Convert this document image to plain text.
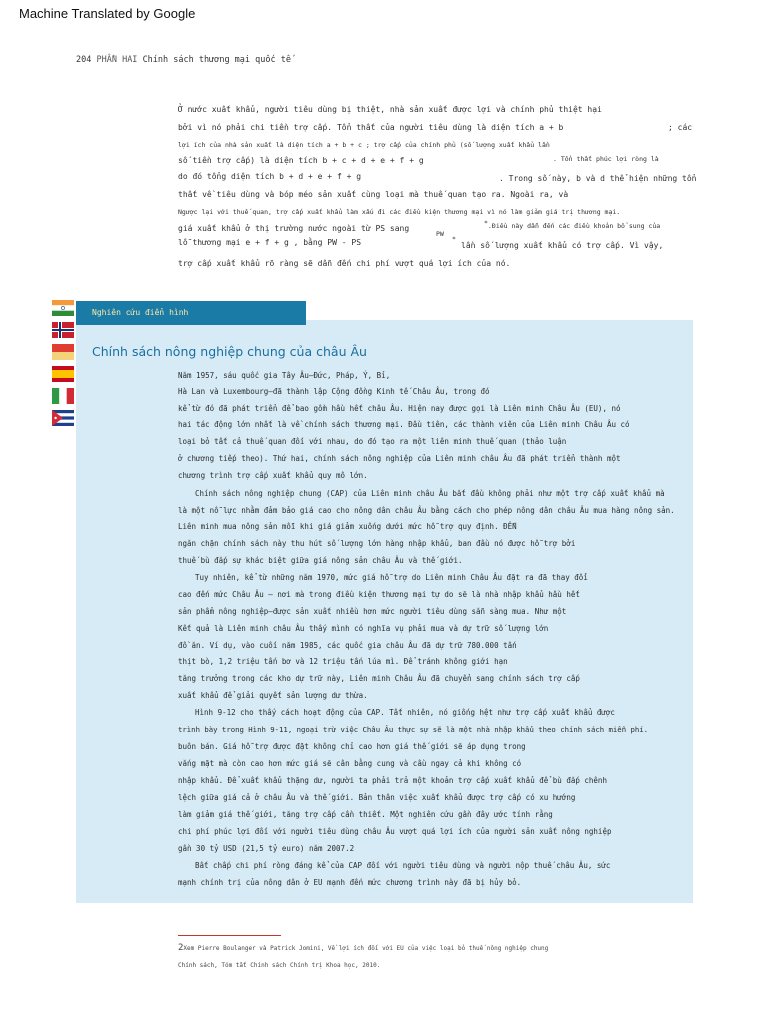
Machine Translated by Google
204 PHẦN HAI Chính sách thương mại quốc tế
Ở nước xuất khẩu, người tiêu dùng bị thiệt, nhà sản xuất được lợi và chính phủ thiệt hại
bởi vì nó phải chi tiền trợ cấp. Tổn thất của người tiêu dùng là diện tích a + b	; các
lợi ích của nhà sản xuất là diện tích a + b + c ; trợ cấp của chính phủ (số lượng xuất khẩu lần
số tiền trợ cấp) là diện tích b + c + d + e + f + g	. Tổn thất phúc lợi ròng là
do đó tổng diện tích b + d + e + f + g	. Trong số này, b và d thể hiện những tổn
thất về tiêu dùng và bóp méo sản xuất cùng loại mà thuế quan tạo ra. Ngoài ra, và
Ngược lại với thuế quan, trợ cấp xuất khẩu làm xấu đi các điều kiện thương mại vì nó làm giảm giá trị thương mại.
giá xuất khẩu ở thị trường nước ngoài từ PS sang
PW
* .Điều này dẫn đến các điều khoản bổ sung của
lỗ thương mại e + f + g , bằng PW - PS	*
lần số lượng xuất khẩu có trợ cấp. Vì vậy,
trợ cấp xuất khẩu rõ ràng sẽ dẫn đến chi phí vượt quá lợi ích của nó.

Nghiên cứu điển hình
Chính sách nông nghiệp chung của châu Âu
Năm 1957, sáu quốc gia Tây Âu—Đức, Pháp, Ý, Bỉ,
Hà Lan và Luxembourg—đã thành lập Cộng đồng Kinh tế Châu Âu, trong đó
kể từ đó đã phát triển để bao gồm hầu hết châu Âu. Hiện nay được gọi là Liên minh Châu Âu (EU), nó
hai tác động lớn nhất là về chính sách thương mại. Đầu tiên, các thành viên của Liên minh Châu Âu có
loại bỏ tất cả thuế quan đối với nhau, do đó tạo ra một liên minh thuế quan (thảo luận
ở chương tiếp theo). Thứ hai, chính sách nông nghiệp của Liên minh châu Âu đã phát triển thành một
chương trình trợ cấp xuất khẩu quy mô lớn.
Chính sách nông nghiệp chung (CAP) của Liên minh châu Âu bắt đầu không phải như một trợ cấp xuất khẩu mà
là một nỗ lực nhằm đảm bảo giá cao cho nông dân châu Âu bằng cách cho phép nông dân châu Âu mua hàng nông sản.
Liên minh mua nông sản mỗi khi giá giảm xuống dưới mức hỗ trợ quy định. ĐẾN
ngăn chặn chính sách này thu hút số lượng lớn hàng nhập khẩu, ban đầu nó được hỗ trợ bởi
thuế bù đắp sự khác biệt giữa giá nông sản châu Âu và thế giới.
Tuy nhiên, kể từ những năm 1970, mức giá hỗ trợ do Liên minh Châu Âu đặt ra đã thay đổi
cao đến mức Châu Âu – nơi mà trong điều kiện thương mại tự do sẽ là nhà nhập khẩu hầu hết
sản phẩm nông nghiệp—được sản xuất nhiều hơn mức người tiêu dùng sẵn sàng mua. Như một
Kết quả là Liên minh châu Âu thấy mình có nghĩa vụ phải mua và dự trữ số lượng lớn
đồ ăn. Ví dụ, vào cuối năm 1985, các quốc gia châu Âu đã dự trữ 780.000 tấn
thịt bò, 1,2 triệu tấn bơ và 12 triệu tấn lúa mì. Để tránh không giới hạn
tăng trưởng trong các kho dự trữ này, Liên minh Châu Âu đã chuyển sang chính sách trợ cấp
xuất khẩu để giải quyết sản lượng dư thừa.
Hình 9-12 cho thấy cách hoạt động của CAP. Tất nhiên, nó giống hệt như trợ cấp xuất khẩu được
trình bày trong Hình 9-11, ngoại trừ việc Châu Âu thực sự sẽ là một nhà nhập khẩu theo chính sách miễn phí.
buôn bán. Giá hỗ trợ được đặt không chỉ cao hơn giá thế giới sẽ áp dụng trong
vắng mặt mà còn cao hơn mức giá sẽ cân bằng cung và cầu ngay cả khi không có
nhập khẩu. Để xuất khẩu thặng dư, người ta phải trả một khoản trợ cấp xuất khẩu để bù đắp chênh
lệch giữa giá cả ở châu Âu và thế giới. Bản thân việc xuất khẩu được trợ cấp có xu hướng
làm giảm giá thế giới, tăng trợ cấp cần thiết. Một nghiên cứu gần đây ước tính rằng
chi phí phúc lợi đối với người tiêu dùng châu Âu vượt quá lợi ích của người sản xuất nông nghiệp
gần 30 tỷ USD (21,5 tỷ euro) năm 2007.2
Bất chấp chi phí ròng đáng kể của CAP đối với người tiêu dùng và người nộp thuế châu Âu, sức
mạnh chính trị của nông dân ở EU mạnh đến mức chương trình này đã bị hủy bỏ.
2Xem Pierre Boulanger và Patrick Jomini, Về lợi ích đối với EU của việc loại bỏ thuế nông nghiệp chung
Chính sách, Tóm tắt Chính sách Chính trị Khoa học, 2010.
